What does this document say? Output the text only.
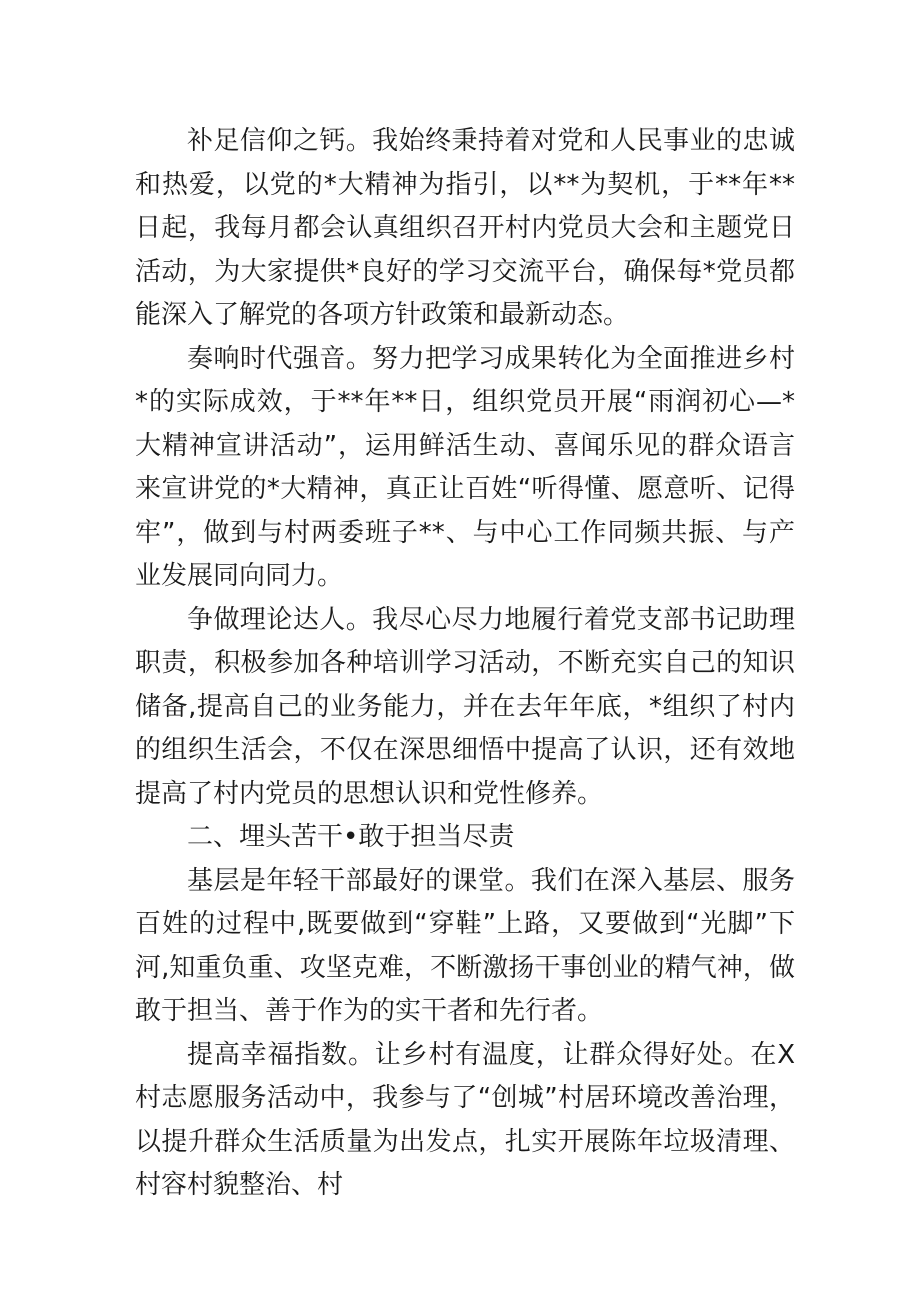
补足信仰之钙。我始终秉持着对党和人民事业的忠诚和热爱，以党的*大精神为指引，以**为契机，于**年**日起，我每月都会认真组织召开村内党员大会和主题党日活动，为大家提供*良好的学习交流平台，确保每*党员都能深入了解党的各项方针政策和最新动态。

奏响时代强音。努力把学习成果转化为全面推进乡村*的实际成效，于**年**日，组织党员开展“雨润初心—*大精神宣讲活动”，运用鲜活生动、喜闻乐见的群众语言来宣讲党的*大精神，真正让百姓“听得懂、愿意听、记得牢”，做到与村两委班子**、与中心工作同频共振、与产业发展同向同力。

争做理论达人。我尽心尽力地履行着党支部书记助理职责，积极参加各种培训学习活动，不断充实自己的知识储备,提高自己的业务能力，并在去年年底，*组织了村内的组织生活会，不仅在深思细悟中提高了认识，还有效地提高了村内党员的思想认识和党性修养。

二、埋头苦干•敢于担当尽责

基层是年轻干部最好的课堂。我们在深入基层、服务百姓的过程中,既要做到“穿鞋”上路，又要做到“光脚”下河,知重负重、攻坚克难，不断激扬干事创业的精气神，做敢于担当、善于作为的实干者和先行者。

提高幸福指数。让乡村有温度，让群众得好处。在X村志愿服务活动中，我参与了“创城”村居环境改善治理，以提升群众生活质量为出发点，扎实开展陈年垃圾清理、村容村貌整治、村
